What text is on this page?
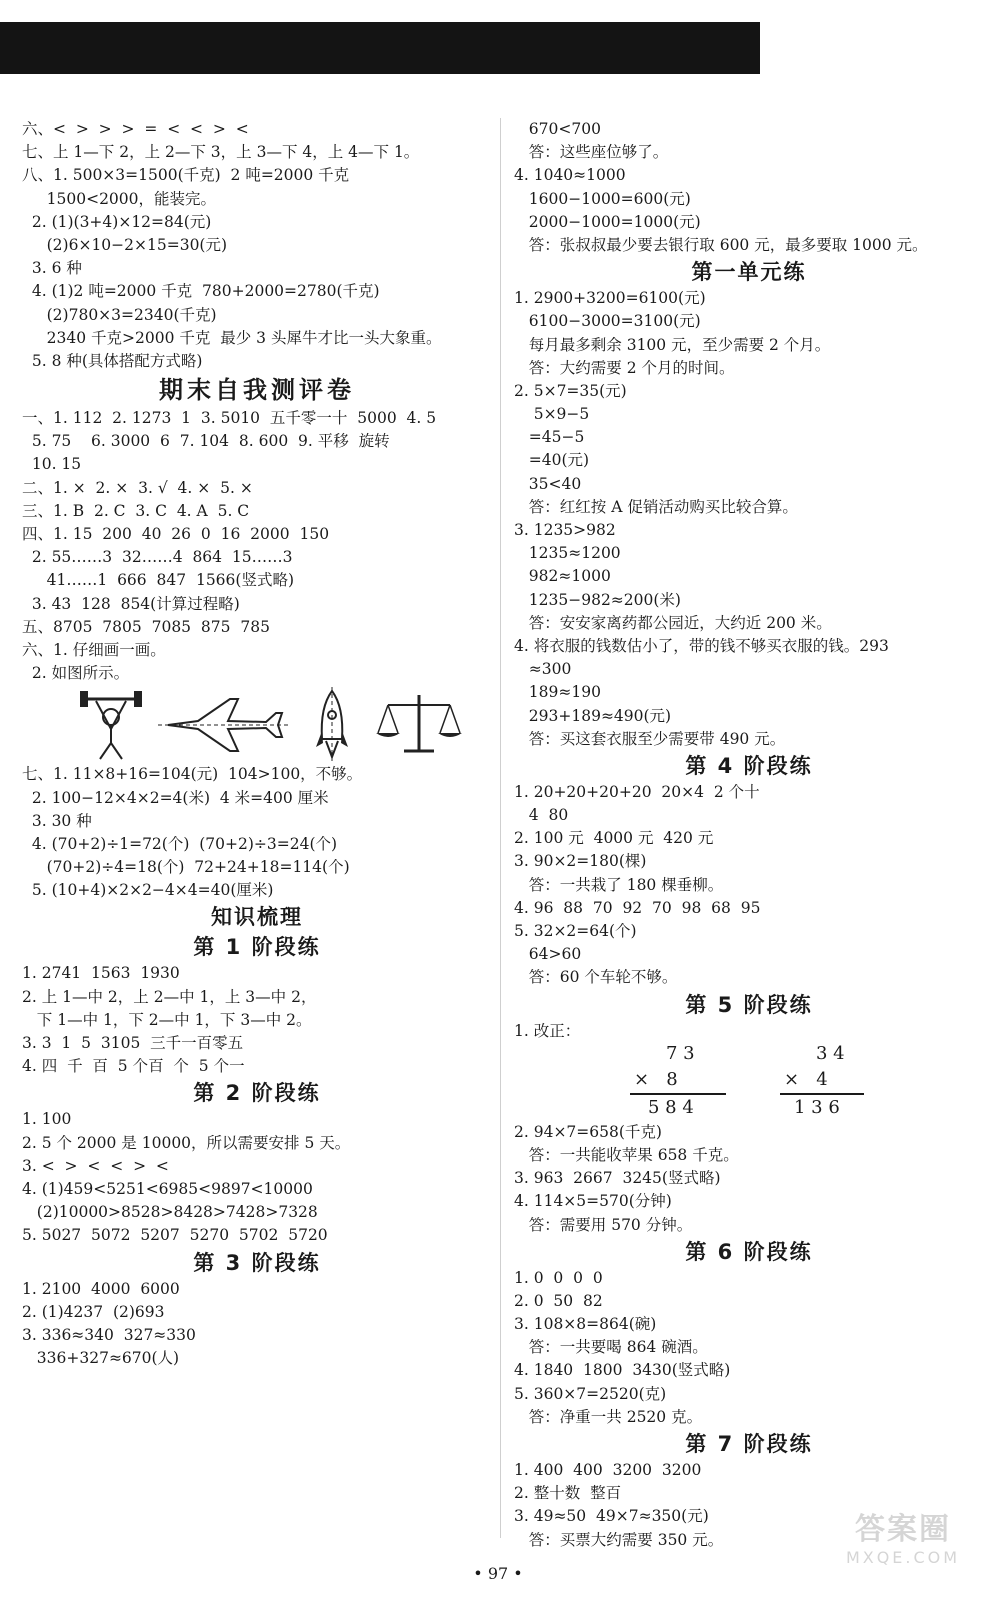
六、<  >  >  >  =  <  <  >  <
七、上 1—下 2，上 2—下 3，上 3—下 4，上 4—下 1。
八、1. 500×3=1500(千克)  2 吨=2000 千克
1500<2000，能装完。
2. (1)(3+4)×12=84(元)
(2)6×10−2×15=30(元)
3. 6 种
4. (1)2 吨=2000 千克  780+2000=2780(千克)
(2)780×3=2340(千克)
2340 千克>2000 千克  最少 3 头犀牛才比一头大象重。
5. 8 种(具体搭配方式略)
期末自我测评卷
一、1. 112  2. 1273  1  3. 5010  五千零一十  5000  4. 5
5. 75    6. 3000  6  7. 104  8. 600  9. 平移  旋转
10. 15
二、1. ×  2. ×  3. √  4. ×  5. ×
三、1. B  2. C  3. C  4. A  5. C
四、1. 15  200  40  26  0  16  2000  150
2. 55……3  32……4  864  15……3
41……1  666  847  1566(竖式略)
3. 43  128  854(计算过程略)
五、8705  7805  7085  875  785
六、1. 仔细画一画。
2. 如图所示。
七、1. 11×8+16=104(元)  104>100，不够。
2. 100−12×4×2=4(米)  4 米=400 厘米
3. 30 种
4. (70+2)÷1=72(个)  (70+2)÷3=24(个)
(70+2)÷4=18(个)  72+24+18=114(个)
5. (10+4)×2×2−4×4=40(厘米)
知识梳理
第 1 阶段练
1. 2741  1563  1930
2. 上 1—中 2，上 2—中 1，上 3—中 2，
下 1—中 1，下 2—中 1，下 3—中 2。
3. 3  1  5  3105  三千一百零五
4. 四  千  百  5 个百  个  5 个一
第 2 阶段练
1. 100
2. 5 个 2000 是 10000，所以需要安排 5 天。
3. <  >  <  <  >  <
4. (1)459<5251<6985<9897<10000
(2)10000>8528>8428>7428>7328
5. 5027  5072  5207  5270  5702  5720
第 3 阶段练
1. 2100  4000  6000
2. (1)4237  (2)693
3. 336≈340  327≈330
336+327≈670(人)
670<700
答：这些座位够了。
4. 1040≈1000
1600−1000=600(元)
2000−1000=1000(元)
答：张叔叔最少要去银行取 600 元，最多要取 1000 元。
第一单元练
1. 2900+3200=6100(元)
6100−3000=3100(元)
每月最多剩余 3100 元，至少需要 2 个月。
答：大约需要 2 个月的时间。
2. 5×7=35(元)
5×9−5
=45−5
=40(元)
35<40
答：红红按 A 促销活动购买比较合算。
3. 1235>982
1235≈1200
982≈1000
1235−982≈200(米)
答：安安家离药都公园近，大约近 200 米。
4. 将衣服的钱数估小了，带的钱不够买衣服的钱。293
≈300
189≈190
293+189≈490(元)
答：买这套衣服至少需要带 490 元。
第 4 阶段练
1. 20+20+20+20  20×4  2 个十
4  80
2. 100 元  4000 元  420 元
3. 90×2=180(棵)
答：一共栽了 180 棵垂柳。
4. 96  88  70  92  70  98  68  95
5. 32×2=64(个)
64>60
答：60 个车轮不够。
第 5 阶段练
1. 改正：
7 3
×   8
5 8 4
3 4
×   4
1 3 6
2. 94×7=658(千克)
答：一共能收苹果 658 千克。
3. 963  2667  3245(竖式略)
4. 114×5=570(分钟)
答：需要用 570 分钟。
第 6 阶段练
1. 0  0  0  0
2. 0  50  82
3. 108×8=864(碗)
答：一共要喝 864 碗酒。
4. 1840  1800  3430(竖式略)
5. 360×7=2520(克)
答：净重一共 2520 克。
第 7 阶段练
1. 400  400  3200  3200
2. 整十数  整百
3. 49≈50  49×7≈350(元)
答：买票大约需要 350 元。
• 97 •
答案圈
MXQE.COM
